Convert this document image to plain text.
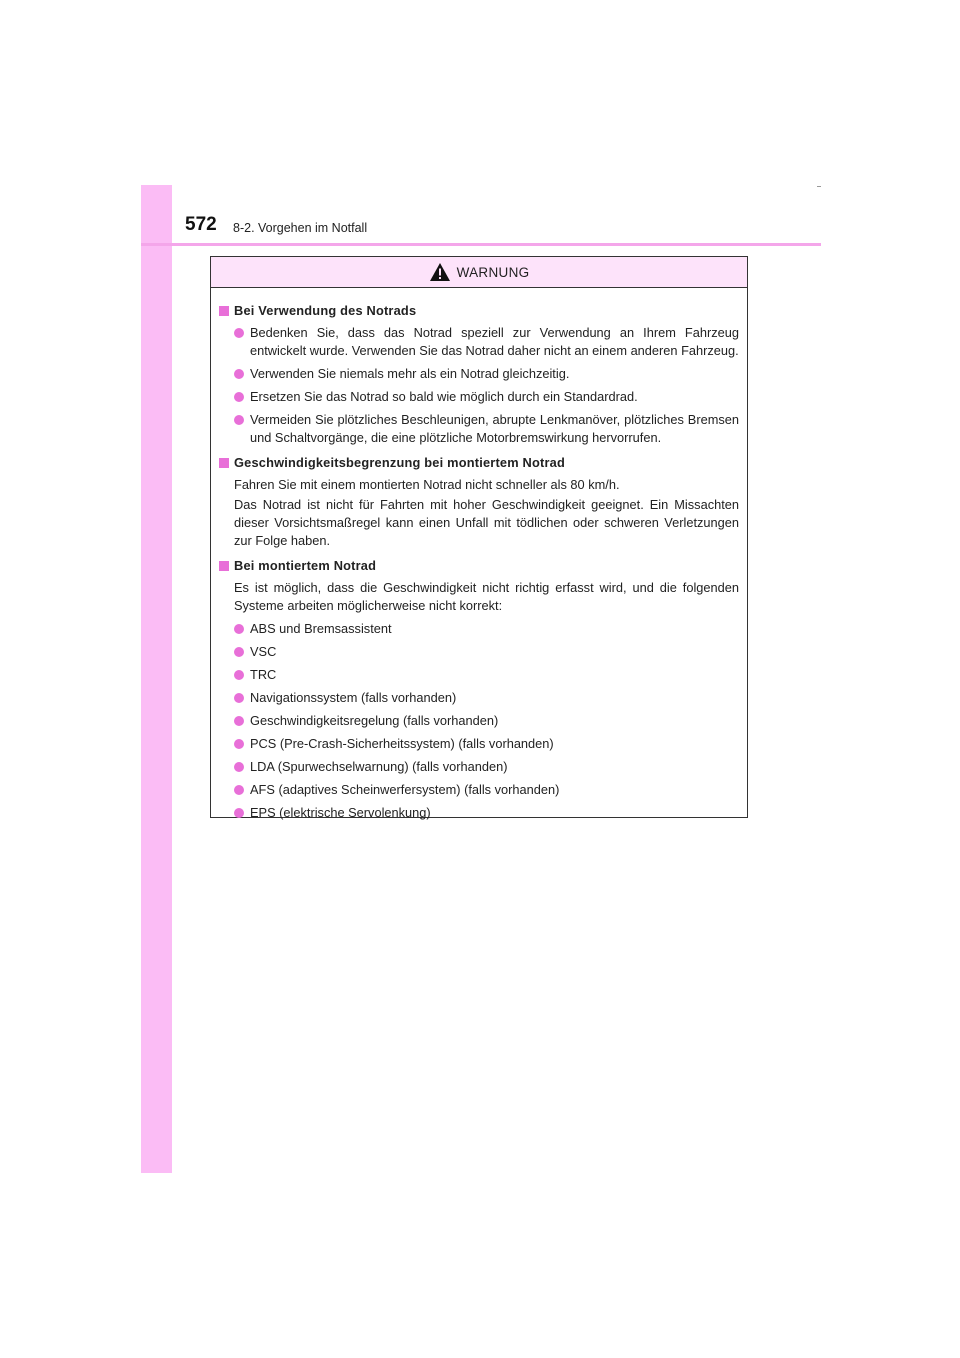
572 8-2. Vorgehen im Notfall
WARNUNG
Bei Verwendung des Notrads
Bedenken Sie, dass das Notrad speziell zur Verwendung an Ihrem Fahrzeug entwickelt wurde. Verwenden Sie das Notrad daher nicht an einem anderen Fahrzeug.
Verwenden Sie niemals mehr als ein Notrad gleichzeitig.
Ersetzen Sie das Notrad so bald wie möglich durch ein Standardrad.
Vermeiden Sie plötzliches Beschleunigen, abrupte Lenkmanöver, plötzliches Bremsen und Schaltvorgänge, die eine plötzliche Motorbremswirkung hervorrufen.
Geschwindigkeitsbegrenzung bei montiertem Notrad
Fahren Sie mit einem montierten Notrad nicht schneller als 80 km/h.
Das Notrad ist nicht für Fahrten mit hoher Geschwindigkeit geeignet. Ein Missachten dieser Vorsichtsmaßregel kann einen Unfall mit tödlichen oder schweren Verletzungen zur Folge haben.
Bei montiertem Notrad
Es ist möglich, dass die Geschwindigkeit nicht richtig erfasst wird, und die folgenden Systeme arbeiten möglicherweise nicht korrekt:
ABS und Bremsassistent
VSC
TRC
Navigationssystem (falls vorhanden)
Geschwindigkeitsregelung (falls vorhanden)
PCS (Pre-Crash-Sicherheitssystem) (falls vorhanden)
LDA (Spurwechselwarnung) (falls vorhanden)
AFS (adaptives Scheinwerfersystem) (falls vorhanden)
EPS (elektrische Servolenkung)
